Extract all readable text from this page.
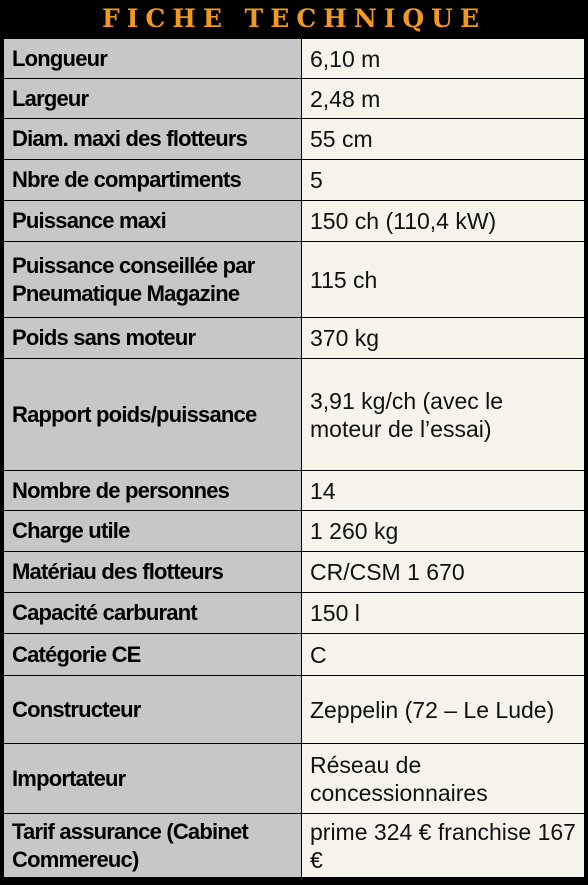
FICHE TECHNIQUE
Longueur	6,10 m
Largeur	2,48 m
Diam. maxi des flotteurs	55 cm
Nbre de compartiments	5
Puissance maxi	150 ch (110,4 kW)
Puissance conseillée par Pneumatique Magazine	115 ch
Poids sans moteur	370 kg
Rapport poids/puissance	3,91 kg/ch (avec le moteur de l’essai)
Nombre de personnes	14
Charge utile	1 260 kg
Matériau des flotteurs	CR/CSM 1 670
Capacité carburant	150 l
Catégorie CE	C
Constructeur	Zeppelin (72 – Le Lude)
Importateur	Réseau de concessionnaires
Tarif assurance (Cabinet Commereuc)	prime 324 € franchise 167 €
